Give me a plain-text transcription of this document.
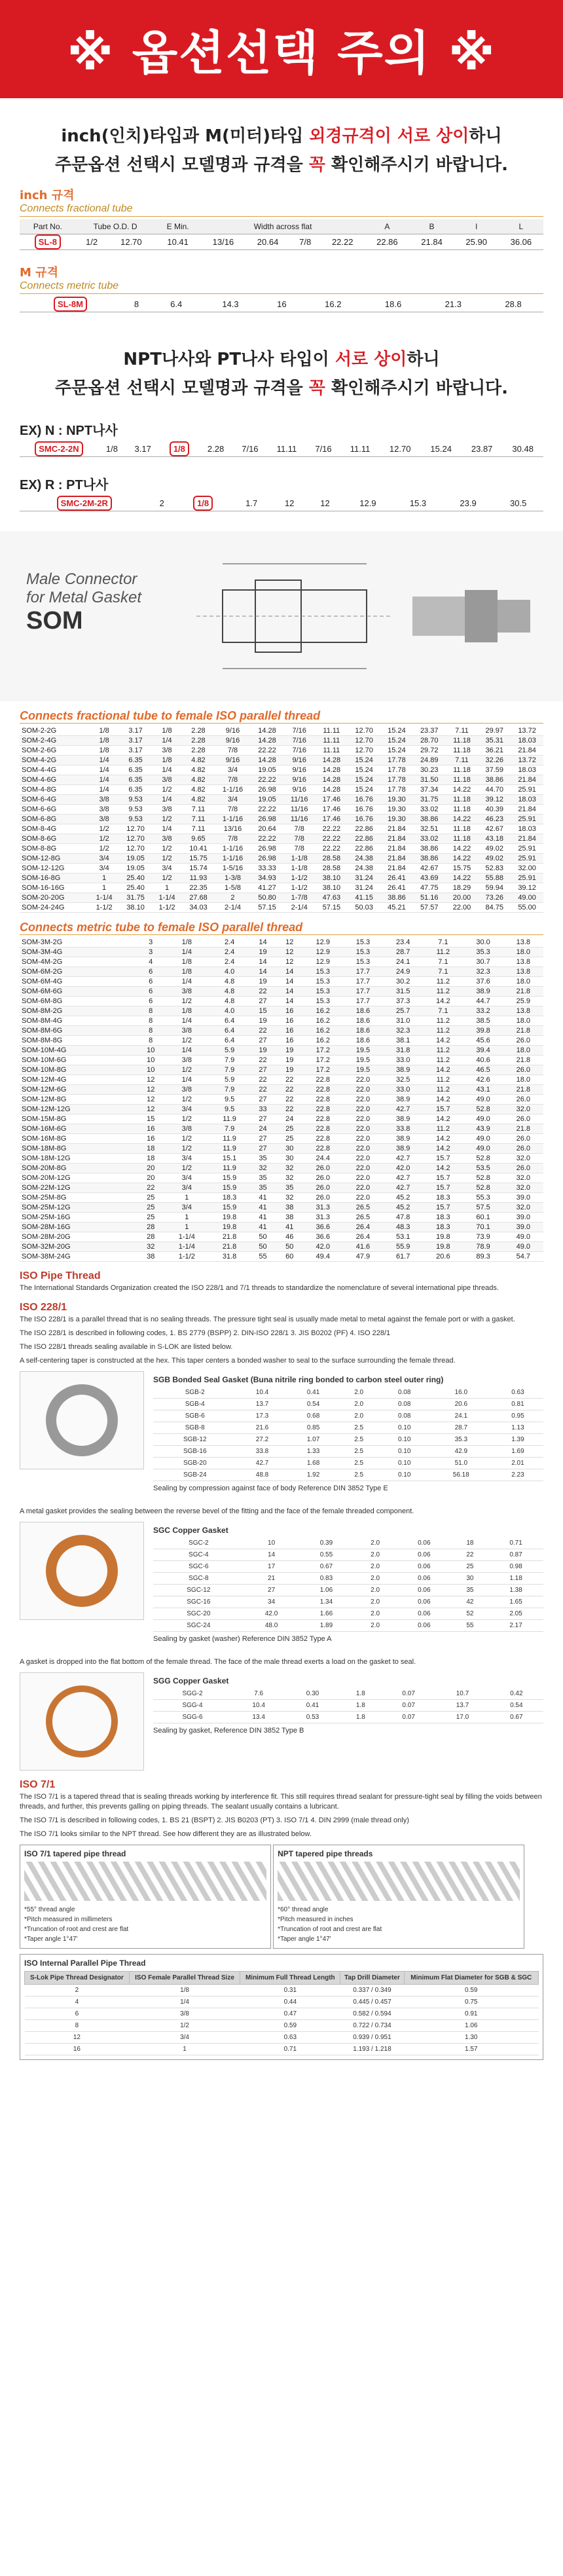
※ 옵션선택 주의 ※
inch(인치)타입과 M(미터)타입 외경규격이 서로 상이하니
주문옵션 선택시 모델명과 규격을 꼭 확인해주시기 바랍니다.
inch 규격
Connects fractional tube
Part No.	Tube O.D. D		E Min.	Width across flat				A	B	l	L
SL-8	1/2	12.70	10.41	13/16	20.64	7/8	22.22	22.86	21.84	25.90	36.06
M 규격
Connects metric tube
SL-8M	8	6.4	14.3	16	16.2	18.6	21.3	28.8
NPT나사와 PT나사 타입이 서로 상이하니
주문옵션 선택시 모델명과 규격을 꼭 확인해주시기 바랍니다.
EX) N : NPT나사
SMC-2-2N	1/8	3.17	1/8	2.28	7/16	11.11	7/16	11.11	12.70	15.24	23.87	30.48
EX) R : PT나사
SMC-2M-2R	2	1/8	1.7	12	12	12.9	15.3	23.9	30.5
Male Connector
for Metal Gasket
SOM
Connects fractional tube to female ISO parallel thread
SOM-2-2G	1/8	3.17	1/8	2.28	9/16	14.28	7/16	11.11	12.70	15.24	23.37	7.11	29.97	13.72
SOM-2-4G	1/8	3.17	1/4	2.28	9/16	14.28	7/16	11.11	12.70	15.24	28.70	11.18	35.31	18.03
SOM-2-6G	1/8	3.17	3/8	2.28	7/8	22.22	7/16	11.11	12.70	15.24	29.72	11.18	36.21	21.84
SOM-4-2G	1/4	6.35	1/8	4.82	9/16	14.28	9/16	14.28	15.24	17.78	24.89	7.11	32.26	13.72
SOM-4-4G	1/4	6.35	1/4	4.82	3/4	19.05	9/16	14.28	15.24	17.78	30.23	11.18	37.59	18.03
SOM-4-6G	1/4	6.35	3/8	4.82	7/8	22.22	9/16	14.28	15.24	17.78	31.50	11.18	38.86	21.84
SOM-4-8G	1/4	6.35	1/2	4.82	1-1/16	26.98	9/16	14.28	15.24	17.78	37.34	14.22	44.70	25.91
SOM-6-4G	3/8	9.53	1/4	4.82	3/4	19.05	11/16	17.46	16.76	19.30	31.75	11.18	39.12	18.03
SOM-6-6G	3/8	9.53	3/8	7.11	7/8	22.22	11/16	17.46	16.76	19.30	33.02	11.18	40.39	21.84
SOM-6-8G	3/8	9.53	1/2	7.11	1-1/16	26.98	11/16	17.46	16.76	19.30	38.86	14.22	46.23	25.91
SOM-8-4G	1/2	12.70	1/4	7.11	13/16	20.64	7/8	22.22	22.86	21.84	32.51	11.18	42.67	18.03
SOM-8-6G	1/2	12.70	3/8	9.65	7/8	22.22	7/8	22.22	22.86	21.84	33.02	11.18	43.18	21.84
SOM-8-8G	1/2	12.70	1/2	10.41	1-1/16	26.98	7/8	22.22	22.86	21.84	38.86	14.22	49.02	25.91
SOM-12-8G	3/4	19.05	1/2	15.75	1-1/16	26.98	1-1/8	28.58	24.38	21.84	38.86	14.22	49.02	25.91
SOM-12-12G	3/4	19.05	3/4	15.74	1-5/16	33.33	1-1/8	28.58	24.38	21.84	42.67	15.75	52.83	32.00
SOM-16-8G	1	25.40	1/2	11.93	1-3/8	34.93	1-1/2	38.10	31.24	26.41	43.69	14.22	55.88	25.91
SOM-16-16G	1	25.40	1	22.35	1-5/8	41.27	1-1/2	38.10	31.24	26.41	47.75	18.29	59.94	39.12
SOM-20-20G	1-1/4	31.75	1-1/4	27.68	2	50.80	1-7/8	47.63	41.15	38.86	51.16	20.00	73.26	49.00
SOM-24-24G	1-1/2	38.10	1-1/2	34.03	2-1/4	57.15	2-1/4	57.15	50.03	45.21	57.57	22.00	84.75	55.00
Connects metric tube to female ISO parallel thread
SOM-3M-2G	3	1/8	2.4	14	12	12.9	15.3	23.4	7.1	30.0	13.8
SOM-3M-4G	3	1/4	2.4	19	12	12.9	15.3	28.7	11.2	35.3	18.0
SOM-4M-2G	4	1/8	2.4	14	12	12.9	15.3	24.1	7.1	30.7	13.8
SOM-6M-2G	6	1/8	4.0	14	14	15.3	17.7	24.9	7.1	32.3	13.8
SOM-6M-4G	6	1/4	4.8	19	14	15.3	17.7	30.2	11.2	37.6	18.0
SOM-6M-6G	6	3/8	4.8	22	14	15.3	17.7	31.5	11.2	38.9	21.8
SOM-6M-8G	6	1/2	4.8	27	14	15.3	17.7	37.3	14.2	44.7	25.9
SOM-8M-2G	8	1/8	4.0	15	16	16.2	18.6	25.7	7.1	33.2	13.8
SOM-8M-4G	8	1/4	6.4	19	16	16.2	18.6	31.0	11.2	38.5	18.0
SOM-8M-6G	8	3/8	6.4	22	16	16.2	18.6	32.3	11.2	39.8	21.8
SOM-8M-8G	8	1/2	6.4	27	16	16.2	18.6	38.1	14.2	45.6	26.0
SOM-10M-4G	10	1/4	5.9	19	19	17.2	19.5	31.8	11.2	39.4	18.0
SOM-10M-6G	10	3/8	7.9	22	19	17.2	19.5	33.0	11.2	40.6	21.8
SOM-10M-8G	10	1/2	7.9	27	19	17.2	19.5	38.9	14.2	46.5	26.0
SOM-12M-4G	12	1/4	5.9	22	22	22.8	22.0	32.5	11.2	42.6	18.0
SOM-12M-6G	12	3/8	7.9	22	22	22.8	22.0	33.0	11.2	43.1	21.8
SOM-12M-8G	12	1/2	9.5	27	22	22.8	22.0	38.9	14.2	49.0	26.0
SOM-12M-12G	12	3/4	9.5	33	22	22.8	22.0	42.7	15.7	52.8	32.0
SOM-15M-8G	15	1/2	11.9	27	24	22.8	22.0	38.9	14.2	49.0	26.0
SOM-16M-6G	16	3/8	7.9	24	25	22.8	22.0	33.8	11.2	43.9	21.8
SOM-16M-8G	16	1/2	11.9	27	25	22.8	22.0	38.9	14.2	49.0	26.0
SOM-18M-8G	18	1/2	11.9	27	30	22.8	22.0	38.9	14.2	49.0	26.0
SOM-18M-12G	18	3/4	15.1	35	30	24.4	22.0	42.7	15.7	52.8	32.0
SOM-20M-8G	20	1/2	11.9	32	32	26.0	22.0	42.0	14.2	53.5	26.0
SOM-20M-12G	20	3/4	15.9	35	32	26.0	22.0	42.7	15.7	52.8	32.0
SOM-22M-12G	22	3/4	15.9	35	35	26.0	22.0	42.7	15.7	52.8	32.0
SOM-25M-8G	25	1	18.3	41	32	26.0	22.0	45.2	18.3	55.3	39.0
SOM-25M-12G	25	3/4	15.9	41	38	31.3	26.5	45.2	15.7	57.5	32.0
SOM-25M-16G	25	1	19.8	41	38	31.3	26.5	47.8	18.3	60.1	39.0
SOM-28M-16G	28	1	19.8	41	41	36.6	26.4	48.3	18.3	70.1	39.0
SOM-28M-20G	28	1-1/4	21.8	50	46	36.6	26.4	53.1	19.8	73.9	49.0
SOM-32M-20G	32	1-1/4	21.8	50	50	42.0	41.6	55.9	19.8	78.9	49.0
SOM-38M-24G	38	1-1/2	31.8	55	60	49.4	47.9	61.7	20.6	89.3	54.7
ISO Pipe Thread

The International Standards Organization created the ISO 228/1 and 7/1 threads to standardize the nomenclature of several international pipe threads.

ISO 228/1

The ISO 228/1 is a parallel thread that is no sealing threads. The pressure tight seal is usually made metal to metal against the female port or with a gasket.

The ISO 228/1 is described in following codes, 1. BS 2779 (BSPP) 2. DIN-ISO 228/1 3. JIS B0202 (PF) 4. ISO 228/1

The ISO 228/1 threads sealing available in S-LOK are listed below.

A self-centering taper is constructed at the hex. This taper centers a bonded washer to seal to the surface surrounding the female thread.

SGB Bonded Seal Gasket (Buna nitrile ring bonded to carbon steel outer ring)
SGB-2	10.4	0.41	2.0	0.08	16.0	0.63
SGB-4	13.7	0.54	2.0	0.08	20.6	0.81
SGB-6	17.3	0.68	2.0	0.08	24.1	0.95
SGB-8	21.6	0.85	2.5	0.10	28.7	1.13
SGB-12	27.2	1.07	2.5	0.10	35.3	1.39
SGB-16	33.8	1.33	2.5	0.10	42.9	1.69
SGB-20	42.7	1.68	2.5	0.10	51.0	2.01
SGB-24	48.8	1.92	2.5	0.10	56.18	2.23

Sealing by compression against face of body Reference DIN 3852 Type E

A metal gasket provides the sealing between the reverse bevel of the fitting and the face of the female threaded component.

SGC Copper Gasket
SGC-2	10	0.39	2.0	0.06	18	0.71
SGC-4	14	0.55	2.0	0.06	22	0.87
SGC-6	17	0.67	2.0	0.06	25	0.98
SGC-8	21	0.83	2.0	0.06	30	1.18
SGC-12	27	1.06	2.0	0.06	35	1.38
SGC-16	34	1.34	2.0	0.06	42	1.65
SGC-20	42.0	1.66	2.0	0.06	52	2.05
SGC-24	48.0	1.89	2.0	0.06	55	2.17

Sealing by gasket (washer) Reference DIN 3852 Type A

A gasket is dropped into the flat bottom of the female thread. The face of the male thread exerts a load on the gasket to seal.

SGG Copper Gasket
SGG-2	7.6	0.30	1.8	0.07	10.7	0.42
SGG-4	10.4	0.41	1.8	0.07	13.7	0.54
SGG-6	13.4	0.53	1.8	0.07	17.0	0.67

Sealing by gasket, Reference DIN 3852 Type B

ISO 7/1

The ISO 7/1 is a tapered thread that is sealing threads working by interference fit. This still requires thread sealant for pressure-tight seal by filling the voids between threads, and further, this prevents galling on piping threads. The sealant usually contains a lubricant.

The ISO 7/1 is described in following codes, 1. BS 21 (BSPT) 2. JIS B0203 (PT) 3. ISO 7/1 4. DIN 2999 (male thread only)

The ISO 7/1 looks similar to the NPT thread. See how different they are as illustrated below.

ISO 7/1 tapered pipe thread
*55° thread angle
*Pitch measured in millimeters
*Truncation of root and crest are flat
*Taper angle 1°47'

NPT tapered pipe threads
*60° thread angle
*Pitch measured in inches
*Truncation of root and crest are flat
*Taper angle 1°47'
ISO Internal Parallel Pipe Thread
S-Lok Pipe Thread Designator	ISO Female Parallel Thread Size	Minimum Full Thread Length	Tap Drill Diameter	Minimum Flat Diameter for SGB & SGC
2	1/8	0.31	0.337 / 0.349	0.59
4	1/4	0.44	0.445 / 0.457	0.75
6	3/8	0.47	0.582 / 0.594	0.91
8	1/2	0.59	0.722 / 0.734	1.06
12	3/4	0.63	0.939 / 0.951	1.30
16	1	0.71	1.193 / 1.218	1.57
